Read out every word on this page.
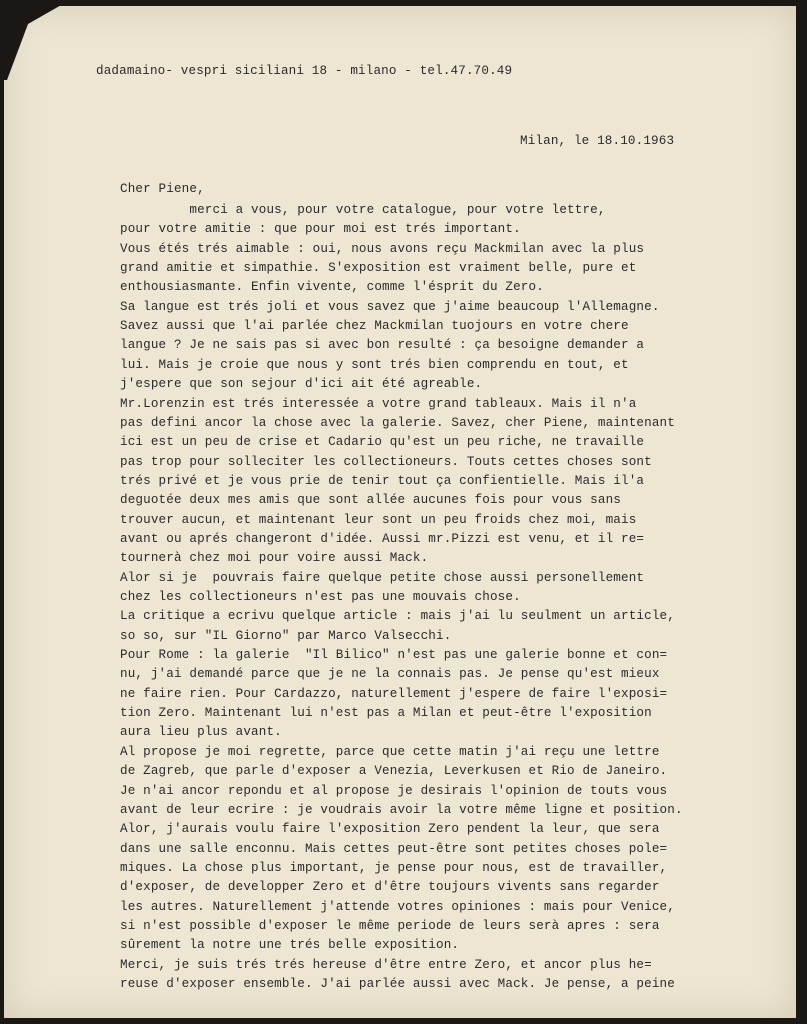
dadamaino- vespri siciliani 18 - milano - tel.47.70.49

Milan, le 18.10.1963

Cher Piene,

merci a vous, pour votre catalogue, pour votre lettre,
pour votre amitie : que pour moi est trés important.
Vous étés trés aimable : oui, nous avons reçu Mackmilan avec la plus
grand amitie et simpathie. S'exposition est vraiment belle, pure et
enthousiasmante. Enfin vivente, comme l'ésprit du Zero.
Sa langue est trés joli et vous savez que j'aime beaucoup l'Allemagne.
Savez aussi que l'ai parlée chez Mackmilan tuojours en votre chere
langue ? Je ne sais pas si avec bon resulté : ça besoigne demander a
lui. Mais je croie que nous y sont trés bien comprendu en tout, et
j'espere que son sejour d'ici ait été agreable.
Mr.Lorenzin est trés interessée a votre grand tableaux. Mais il n'a
pas defini ancor la chose avec la galerie. Savez, cher Piene, maintenant
ici est un peu de crise et Cadario qu'est un peu riche, ne travaille
pas trop pour solleciter les collectioneurs. Touts cettes choses sont
trés privé et je vous prie de tenir tout ça confientielle. Mais il'a
deguotée deux mes amis que sont allée aucunes fois pour vous sans
trouver aucun, et maintenant leur sont un peu froids chez moi, mais
avant ou aprés changeront d'idée. Aussi mr.Pizzi est venu, et il re=
tournerà chez moi pour voire aussi Mack.
Alor si je  pouvrais faire quelque petite chose aussi personellement
chez les collectioneurs n'est pas une mouvais chose.
La critique a ecrivu quelque article : mais j'ai lu seulment un article,
so so, sur "IL Giorno" par Marco Valsecchi.
Pour Rome : la galerie  "Il Bilico" n'est pas une galerie bonne et con=
nu, j'ai demandé parce que je ne la connais pas. Je pense qu'est mieux
ne faire rien. Pour Cardazzo, naturellement j'espere de faire l'exposi=
tion Zero. Maintenant lui n'est pas a Milan et peut-être l'exposition
aura lieu plus avant.
Al propose je moi regrette, parce que cette matin j'ai reçu une lettre
de Zagreb, que parle d'exposer a Venezia, Leverkusen et Rio de Janeiro.
Je n'ai ancor repondu et al propose je desirais l'opinion de touts vous
avant de leur ecrire : je voudrais avoir la votre même ligne et position.
Alor, j'aurais voulu faire l'exposition Zero pendent la leur, que sera
dans une salle enconnu. Mais cettes peut-être sont petites choses pole=
miques. La chose plus important, je pense pour nous, est de travailler,
d'exposer, de developper Zero et d'être toujours vivents sans regarder
les autres. Naturellement j'attende votres opiniones : mais pour Venice,
si n'est possible d'exposer le même periode de leurs serà apres : sera
sûrement la notre une trés belle exposition.
Merci, je suis trés trés hereuse d'être entre Zero, et ancor plus he=
reuse d'exposer ensemble. J'ai parlée aussi avec Mack. Je pense, a peine
